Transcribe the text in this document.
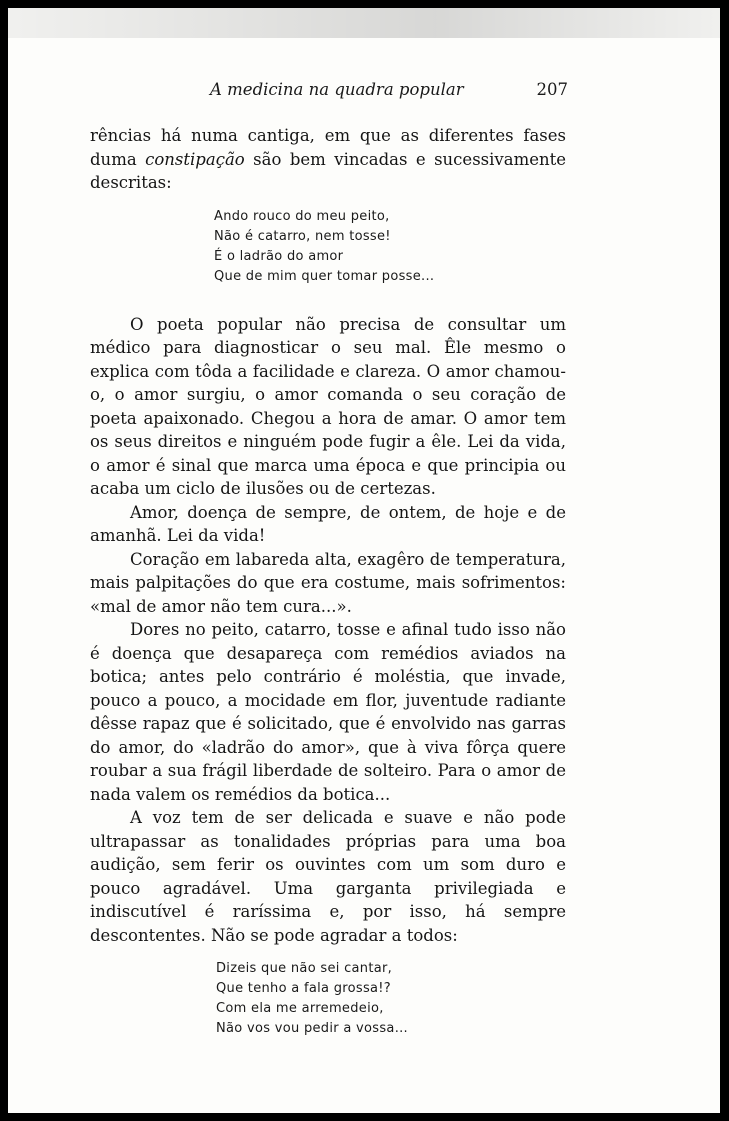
A medicina na quadra popular	207

rências há numa cantiga, em que as diferentes fases duma constipação são bem vincadas e sucessivamente descritas:

Ando rouco do meu peito,
Não é catarro, nem tosse!
É o ladrão do amor
Que de mim quer tomar posse...

O poeta popular não precisa de consultar um médico para diagnosticar o seu mal. Êle mesmo o explica com tôda a facilidade e clareza. O amor chamou-o, o amor surgiu, o amor comanda o seu coração de poeta apaixonado. Chegou a hora de amar. O amor tem os seus direitos e ninguém pode fugir a êle. Lei da vida, o amor é sinal que marca uma época e que principia ou acaba um ciclo de ilusões ou de certezas.

Amor, doença de sempre, de ontem, de hoje e de amanhã. Lei da vida!

Coração em labareda alta, exagêro de temperatura, mais palpitações do que era costume, mais sofrimentos: «mal de amor não tem cura...».

Dores no peito, catarro, tosse e afinal tudo isso não é doença que desapareça com remédios aviados na botica; antes pelo contrário é moléstia, que invade, pouco a pouco, a mocidade em flor, juventude radiante dêsse rapaz que é solicitado, que é envolvido nas garras do amor, do «ladrão do amor», que à viva fôrça quere roubar a sua frágil liberdade de solteiro. Para o amor de nada valem os remédios da botica...

A voz tem de ser delicada e suave e não pode ultrapassar as tonalidades próprias para uma boa audição, sem ferir os ouvintes com um som duro e pouco agradável. Uma garganta privilegiada e indiscutível é raríssima e, por isso, há sempre descontentes. Não se pode agradar a todos:

Dizeis que não sei cantar,
Que tenho a fala grossa!?
Com ela me arremedeio,
Não vos vou pedir a vossa...
